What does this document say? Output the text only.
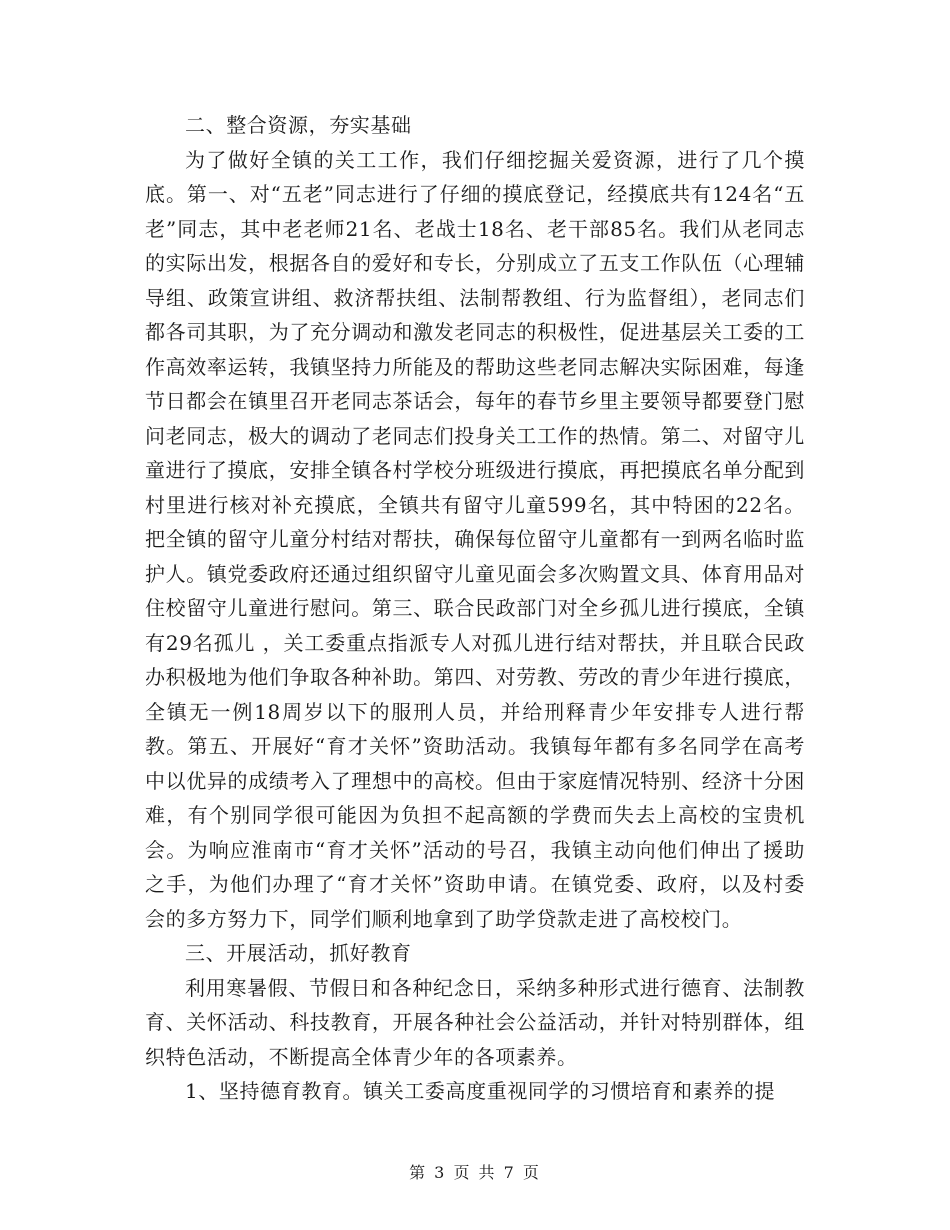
二、整合资源，夯实基础

为了做好全镇的关工工作，我们仔细挖掘关爱资源，进行了几个摸底。第一、对“五老”同志进行了仔细的摸底登记，经摸底共有124名“五老”同志，其中老老师21名、老战士18名、老干部85名。我们从老同志的实际出发，根据各自的爱好和专长，分别成立了五支工作队伍（心理辅导组、政策宣讲组、救济帮扶组、法制帮教组、行为监督组），老同志们都各司其职，为了充分调动和激发老同志的积极性，促进基层关工委的工作高效率运转，我镇坚持力所能及的帮助这些老同志解决实际困难，每逢节日都会在镇里召开老同志茶话会，每年的春节乡里主要领导都要登门慰问老同志，极大的调动了老同志们投身关工工作的热情。第二、对留守儿童进行了摸底，安排全镇各村学校分班级进行摸底，再把摸底名单分配到村里进行核对补充摸底，全镇共有留守儿童599名，其中特困的22名。把全镇的留守儿童分村结对帮扶，确保每位留守儿童都有一到两名临时监护人。镇党委政府还通过组织留守儿童见面会多次购置文具、体育用品对住校留守儿童进行慰问。第三、联合民政部门对全乡孤儿进行摸底，全镇有29名孤儿 ，关工委重点指派专人对孤儿进行结对帮扶，并且联合民政办积极地为他们争取各种补助。第四、对劳教、劳改的青少年进行摸底，全镇无一例18周岁以下的服刑人员，并给刑释青少年安排专人进行帮教。第五、开展好“育才关怀”资助活动。我镇每年都有多名同学在高考中以优异的成绩考入了理想中的高校。但由于家庭情况特别、经济十分困难，有个别同学很可能因为负担不起高额的学费而失去上高校的宝贵机会。为响应淮南市“育才关怀”活动的号召，我镇主动向他们伸出了援助之手，为他们办理了“育才关怀”资助申请。在镇党委、政府，以及村委会的多方努力下，同学们顺利地拿到了助学贷款走进了高校校门。

三、开展活动，抓好教育

利用寒暑假、节假日和各种纪念日，采纳多种形式进行德育、法制教育、关怀活动、科技教育，开展各种社会公益活动，并针对特别群体，组织特色活动，不断提高全体青少年的各项素养。

1、坚持德育教育。镇关工委高度重视同学的习惯培育和素养的提

第 3 页 共 7 页
